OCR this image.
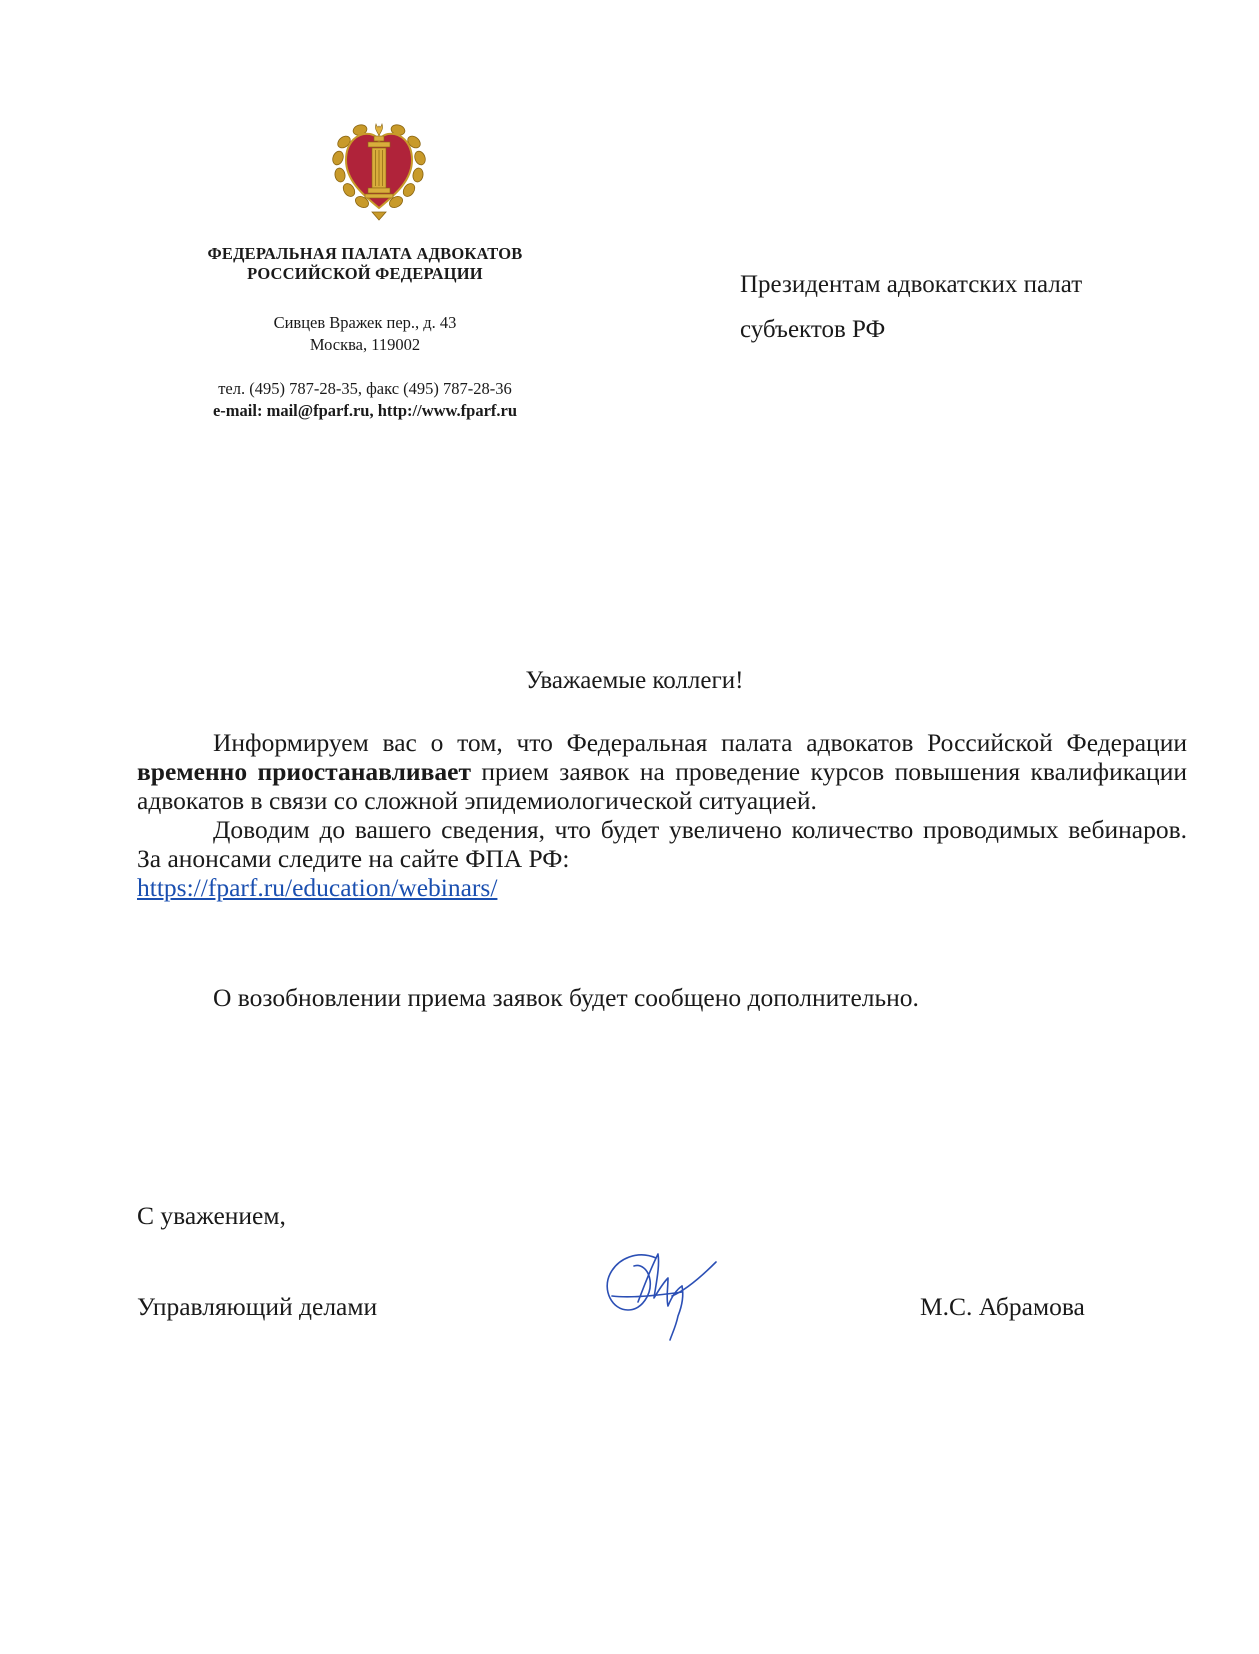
ФЕДЕРАЛЬНАЯ ПАЛАТА АДВОКАТОВ
РОССИЙСКОЙ ФЕДЕРАЦИИ
Сивцев Вражек пер., д. 43
Москва, 119002
тел. (495) 787-28-35, факс (495) 787-28-36
e-mail: mail@fparf.ru, http://www.fparf.ru
Президентам адвокатских палат
субъектов РФ
Уважаемые коллеги!

Информируем вас о том, что Федеральная палата адвокатов Российской Федерации временно приостанавливает прием заявок на проведение курсов повышения квалификации адвокатов в связи со сложной эпидемиологической ситуацией.

Доводим до вашего сведения, что будет увеличено количество проводимых вебинаров. За анонсами следите на сайте ФПА РФ:

https://fparf.ru/education/webinars/
О возобновлении приема заявок будет сообщено дополнительно.
С уважением,
Управляющий делами	М.С. Абрамова
